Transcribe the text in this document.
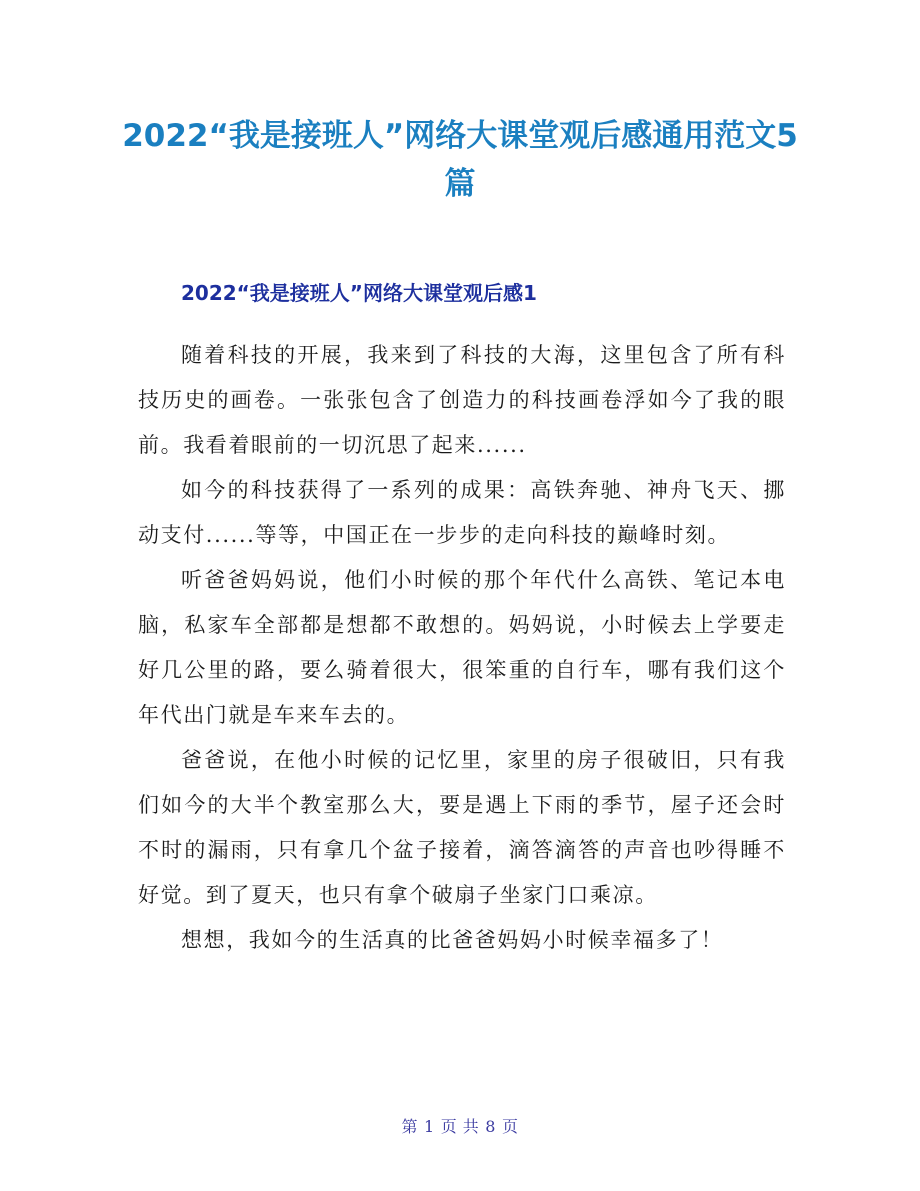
2022“我是接班人”网络大课堂观后感通用范文5篇
2022“我是接班人”网络大课堂观后感1

随着科技的开展，我来到了科技的大海，这里包含了所有科技历史的画卷。一张张包含了创造力的科技画卷浮如今了我的眼前。我看着眼前的一切沉思了起来......

如今的科技获得了一系列的成果：高铁奔驰、神舟飞天、挪动支付......等等，中国正在一步步的走向科技的巅峰时刻。

听爸爸妈妈说，他们小时候的那个年代什么高铁、笔记本电脑，私家车全部都是想都不敢想的。妈妈说，小时候去上学要走好几公里的路，要么骑着很大，很笨重的自行车，哪有我们这个年代出门就是车来车去的。

爸爸说，在他小时候的记忆里，家里的房子很破旧，只有我们如今的大半个教室那么大，要是遇上下雨的季节，屋子还会时不时的漏雨，只有拿几个盆子接着，滴答滴答的声音也吵得睡不好觉。到了夏天，也只有拿个破扇子坐家门口乘凉。

想想，我如今的生活真的比爸爸妈妈小时候幸福多了！

第 1 页 共 8 页
